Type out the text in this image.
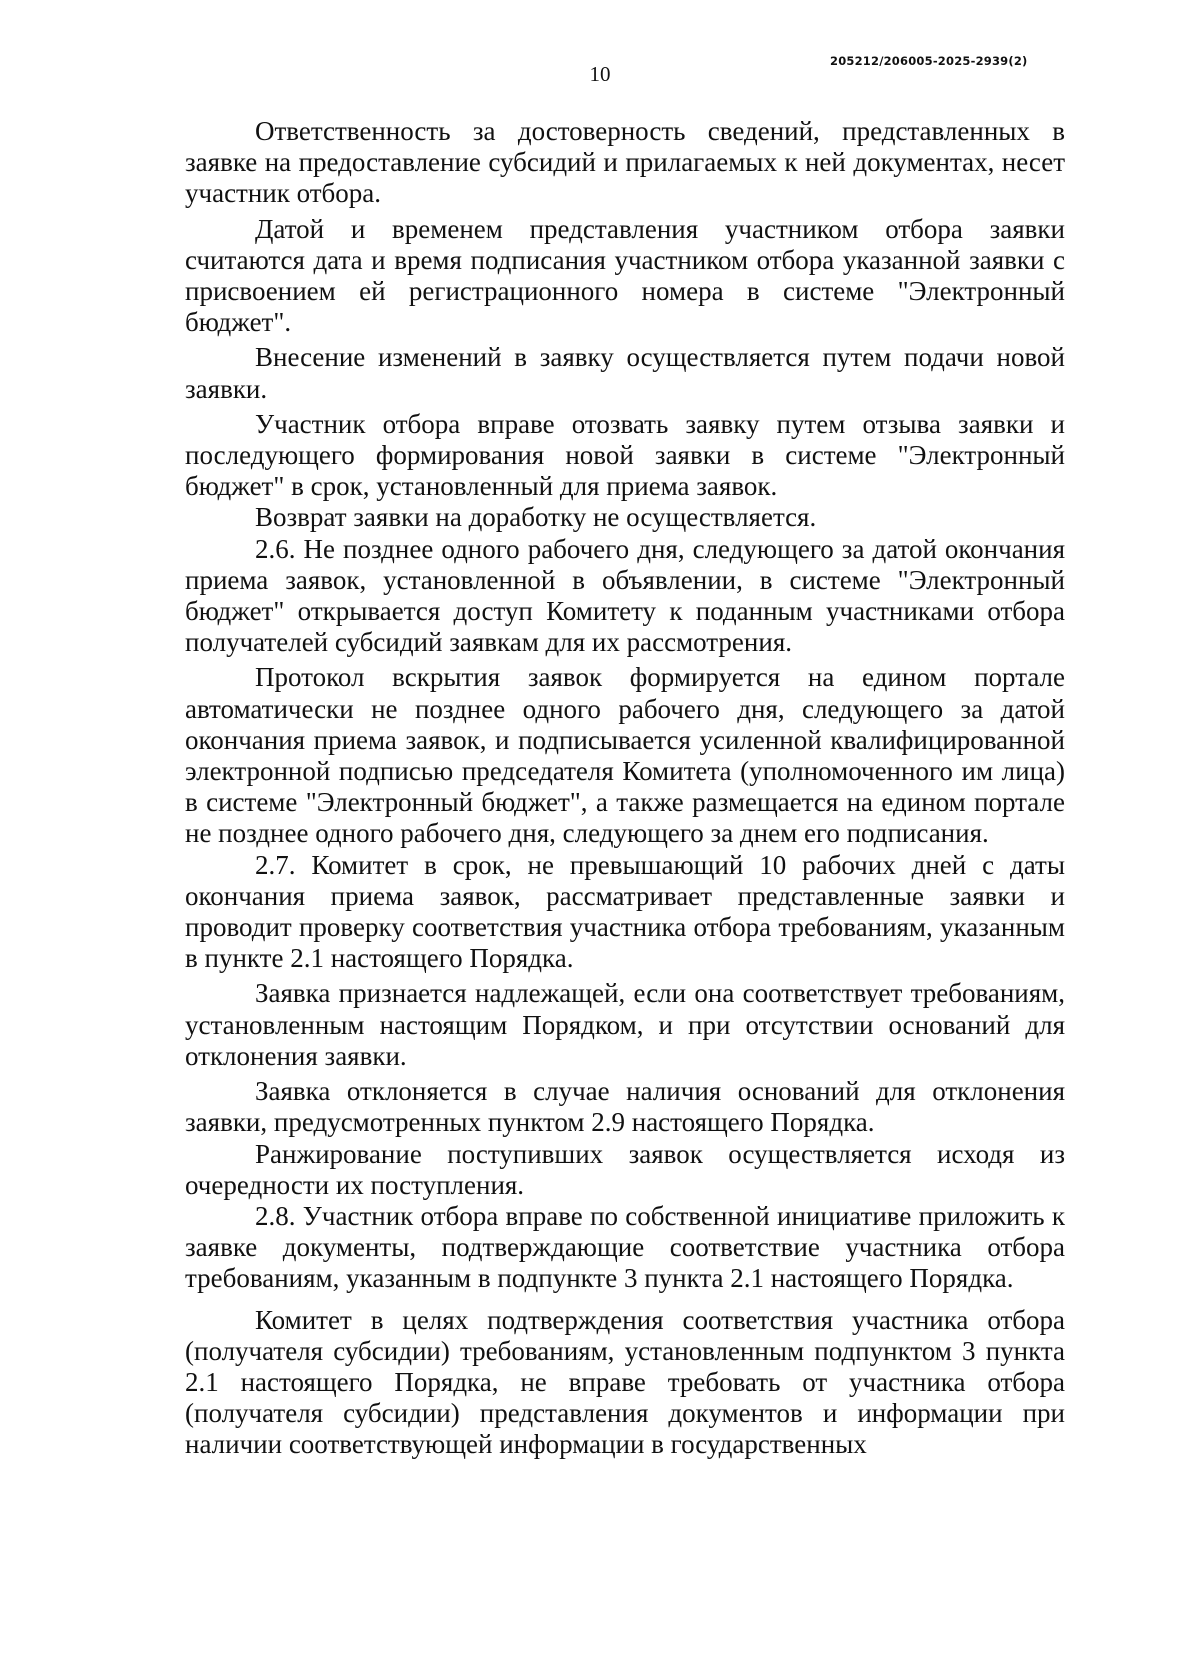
10
205212/206005-2025-2939(2)

Ответственность за достоверность сведений, представленных в заявке на предоставление субсидий и прилагаемых к ней документах, несет участник отбора.

Датой и временем представления участником отбора заявки считаются дата и время подписания участником отбора указанной заявки с присвоением ей регистрационного номера в системе "Электронный бюджет".

Внесение изменений в заявку осуществляется путем подачи новой заявки.

Участник отбора вправе отозвать заявку путем отзыва заявки и последующего формирования новой заявки в системе "Электронный бюджет" в срок, установленный для приема заявок.

Возврат заявки на доработку не осуществляется.

2.6. Не позднее одного рабочего дня, следующего за датой окончания приема заявок, установленной в объявлении, в системе "Электронный бюджет" открывается доступ Комитету к поданным участниками отбора получателей субсидий заявкам для их рассмотрения.

Протокол вскрытия заявок формируется на едином портале автоматически не позднее одного рабочего дня, следующего за датой окончания приема заявок, и подписывается усиленной квалифицированной электронной подписью председателя Комитета (уполномоченного им лица) в системе "Электронный бюджет", а также размещается на едином портале не позднее одного рабочего дня, следующего за днем его подписания.

2.7. Комитет в срок, не превышающий 10 рабочих дней с даты окончания приема заявок, рассматривает представленные заявки и проводит проверку соответствия участника отбора требованиям, указанным в пункте 2.1 настоящего Порядка.

Заявка признается надлежащей, если она соответствует требованиям, установленным настоящим Порядком, и при отсутствии оснований для отклонения заявки.

Заявка отклоняется в случае наличия оснований для отклонения заявки, предусмотренных пунктом 2.9 настоящего Порядка.

Ранжирование поступивших заявок осуществляется исходя из очередности их поступления.

2.8. Участник отбора вправе по собственной инициативе приложить к заявке документы, подтверждающие соответствие участника отбора требованиям, указанным в подпункте 3 пункта 2.1 настоящего Порядка.

Комитет в целях подтверждения соответствия участника отбора (получателя субсидии) требованиям, установленным подпунктом 3 пункта 2.1 настоящего Порядка, не вправе требовать от участника отбора (получателя субсидии) представления документов и информации при наличии соответствующей информации в государственных
